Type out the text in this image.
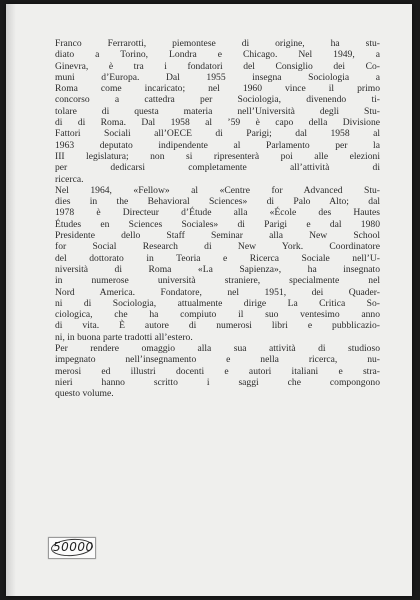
Franco Ferrarotti, piemontese di origine, ha stu-
diato a Torino, Londra e Chicago. Nel 1949, a
Ginevra, è tra i fondatori del Consiglio dei Co-
muni d’Europa. Dal 1955 insegna Sociologia a
Roma come incaricato; nel 1960 vince il primo
concorso a cattedra per Sociologia, divenendo ti-
tolare di questa materia nell’Università degli Stu-
di di Roma. Dal 1958 al ’59 è capo della Divisione
Fattori Sociali all’OECE di Parigi; dal 1958 al
1963 deputato indipendente al Parlamento per la
III legislatura; non si ripresenterà poi alle elezioni
per dedicarsi completamente all’attività di
ricerca.
Nel 1964, «Fellow» al «Centre for Advanced Stu-
dies in the Behavioral Sciences» di Palo Alto; dal
1978 è Directeur d’Étude alla «École des Hautes
Études en Sciences Sociales» di Parigi e dal 1980
Presidente dello Staff Seminar alla New School
for Social Research di New York. Coordinatore
del dottorato in Teoria e Ricerca Sociale nell’U-
niversità di Roma «La Sapienza», ha insegnato
in numerose università straniere, specialmente nel
Nord America. Fondatore, nel 1951, dei Quader-
ni di Sociologia, attualmente dirige La Critica So-
ciologica, che ha compiuto il suo ventesimo anno
di vita. È autore di numerosi libri e pubblicazio-
ni, in buona parte tradotti all’estero.
Per rendere omaggio alla sua attività di studioso
impegnato nell’insegnamento e nella ricerca, nu-
merosi ed illustri docenti e autori italiani e stra-
nieri hanno scritto i saggi che compongono
questo volume.
50000
